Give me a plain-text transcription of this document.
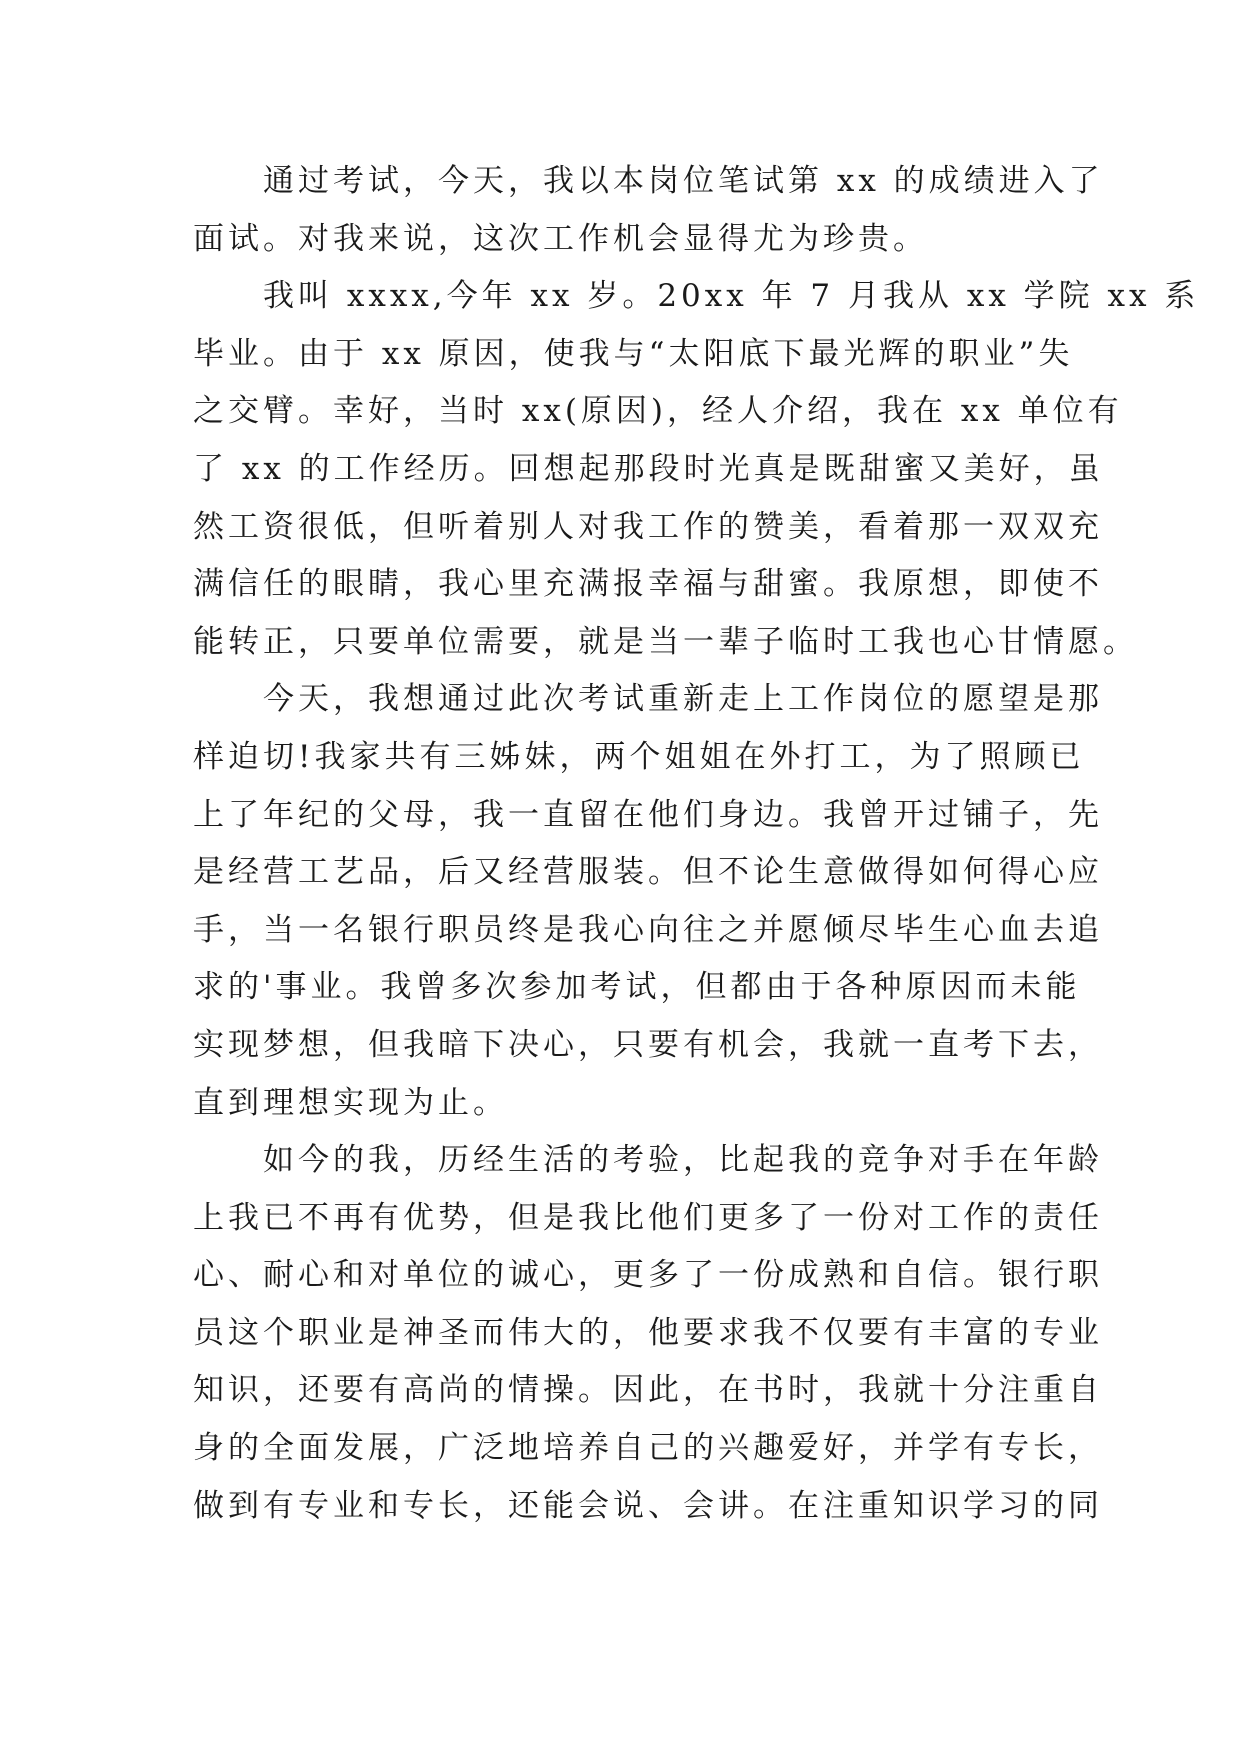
　　通过考试，今天，我以本岗位笔试第 xx 的成绩进入了
面试。对我来说，这次工作机会显得尤为珍贵。
　　我叫 xxxx,今年 xx 岁。20xx 年 7 月我从 xx 学院 xx 系
毕业。由于 xx 原因，使我与“太阳底下最光辉的职业”失
之交臂。幸好，当时 xx(原因)，经人介绍，我在 xx 单位有
了 xx 的工作经历。回想起那段时光真是既甜蜜又美好，虽
然工资很低，但听着别人对我工作的赞美，看着那一双双充
满信任的眼睛，我心里充满报幸福与甜蜜。我原想，即使不
能转正，只要单位需要，就是当一辈子临时工我也心甘情愿。
　　今天，我想通过此次考试重新走上工作岗位的愿望是那
样迫切!我家共有三姊妹，两个姐姐在外打工，为了照顾已
上了年纪的父母，我一直留在他们身边。我曾开过铺子，先
是经营工艺品，后又经营服装。但不论生意做得如何得心应
手，当一名银行职员终是我心向往之并愿倾尽毕生心血去追
求的'事业。我曾多次参加考试，但都由于各种原因而未能
实现梦想，但我暗下决心，只要有机会，我就一直考下去，
直到理想实现为止。
　　如今的我，历经生活的考验，比起我的竞争对手在年龄
上我已不再有优势，但是我比他们更多了一份对工作的责任
心、耐心和对单位的诚心，更多了一份成熟和自信。银行职
员这个职业是神圣而伟大的，他要求我不仅要有丰富的专业
知识，还要有高尚的情操。因此，在书时，我就十分注重自
身的全面发展，广泛地培养自己的兴趣爱好，并学有专长，
做到有专业和专长，还能会说、会讲。在注重知识学习的同
